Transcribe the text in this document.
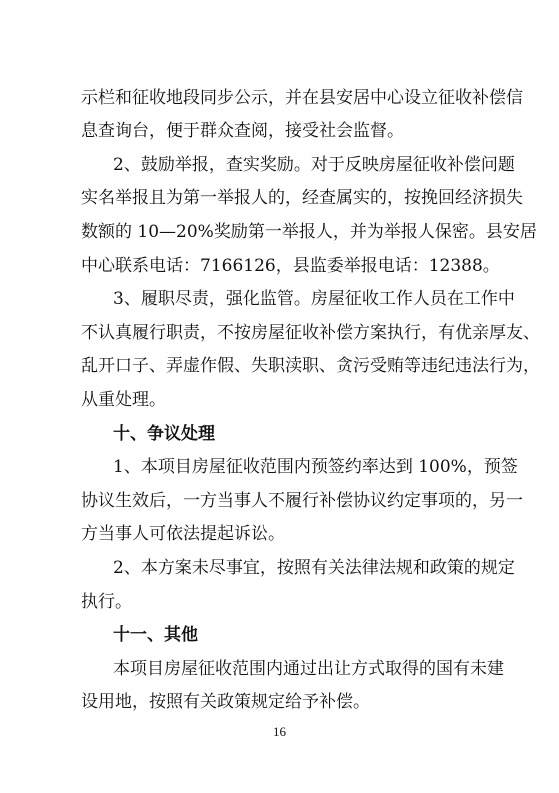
示栏和征收地段同步公示，并在县安居中心设立征收补偿信
息查询台，便于群众查阅，接受社会监督。
2、鼓励举报，查实奖励。对于反映房屋征收补偿问题
实名举报且为第一举报人的，经查属实的，按挽回经济损失
数额的 10—20%奖励第一举报人，并为举报人保密。县安居
中心联系电话：7166126，县监委举报电话：12388。
3、履职尽责，强化监管。房屋征收工作人员在工作中
不认真履行职责，不按房屋征收补偿方案执行，有优亲厚友、
乱开口子、弄虚作假、失职渎职、贪污受贿等违纪违法行为，
从重处理。
十、争议处理
1、本项目房屋征收范围内预签约率达到 100%，预签
协议生效后，一方当事人不履行补偿协议约定事项的，另一
方当事人可依法提起诉讼。
2、本方案未尽事宜，按照有关法律法规和政策的规定
执行。
十一、其他
本项目房屋征收范围内通过出让方式取得的国有未建
设用地，按照有关政策规定给予补偿。
16
